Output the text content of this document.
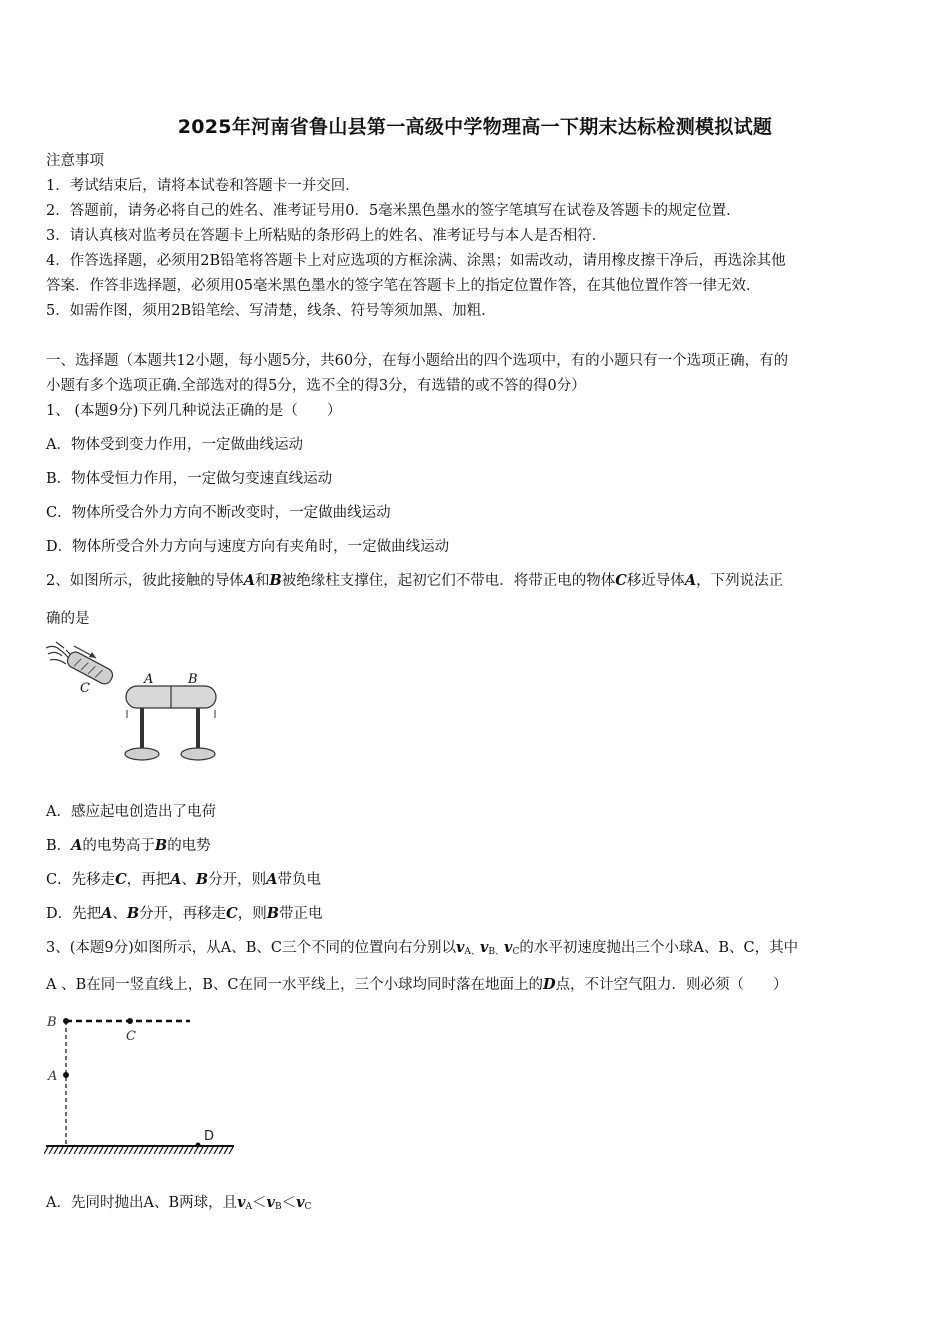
2025年河南省鲁山县第一高级中学物理高一下期末达标检测模拟试题
注意事项
1．考试结束后，请将本试卷和答题卡一并交回．
2．答题前，请务必将自己的姓名、准考证号用0．5毫米黑色墨水的签字笔填写在试卷及答题卡的规定位置．
3．请认真核对监考员在答题卡上所粘贴的条形码上的姓名、准考证号与本人是否相符．
4．作答选择题，必须用2B铅笔将答题卡上对应选项的方框涂满、涂黑；如需改动，请用橡皮擦干净后，再选涂其他
答案．作答非选择题，必须用05毫米黑色墨水的签字笔在答题卡上的指定位置作答，在其他位置作答一律无效．
5．如需作图，须用2B铅笔绘、写清楚，线条、符号等须加黑、加粗．
一、选择题（本题共12小题，每小题5分，共60分，在每小题给出的四个选项中，有的小题只有一个选项正确，有的
小题有多个选项正确.全部选对的得5分，选不全的得3分，有选错的或不答的得0分）
1、 (本题9分)下列几种说法正确的是（　　）
A．物体受到变力作用，一定做曲线运动
B．物体受恒力作用，一定做匀变速直线运动
C．物体所受合外力方向不断改变时，一定做曲线运动
D．物体所受合外力方向与速度方向有夹角时，一定做曲线运动
2、如图所示，彼此接触的导体A和B被绝缘柱支撑住，起初它们不带电．将带正电的物体C移近导体A，下列说法正
确的是
C
A	B
A．感应起电创造出了电荷
B．A的电势高于B的电势
C．先移走C，再把A、B分开，则A带负电
D．先把A、B分开，再移走C，则B带正电
3、(本题9分)如图所示，从A、B、C三个不同的位置向右分别以$v_{A、}v_{B、}v_C$的水平初速度抛出三个小球A、B、C，其中
A 、B在同一竖直线上，B、C在同一水平线上，三个小球均同时落在地面上的D点，不计空气阻力．则必须（　　）
B
C
A
D
A．先同时抛出A、B两球，且$v_A<v_B<v_C$
